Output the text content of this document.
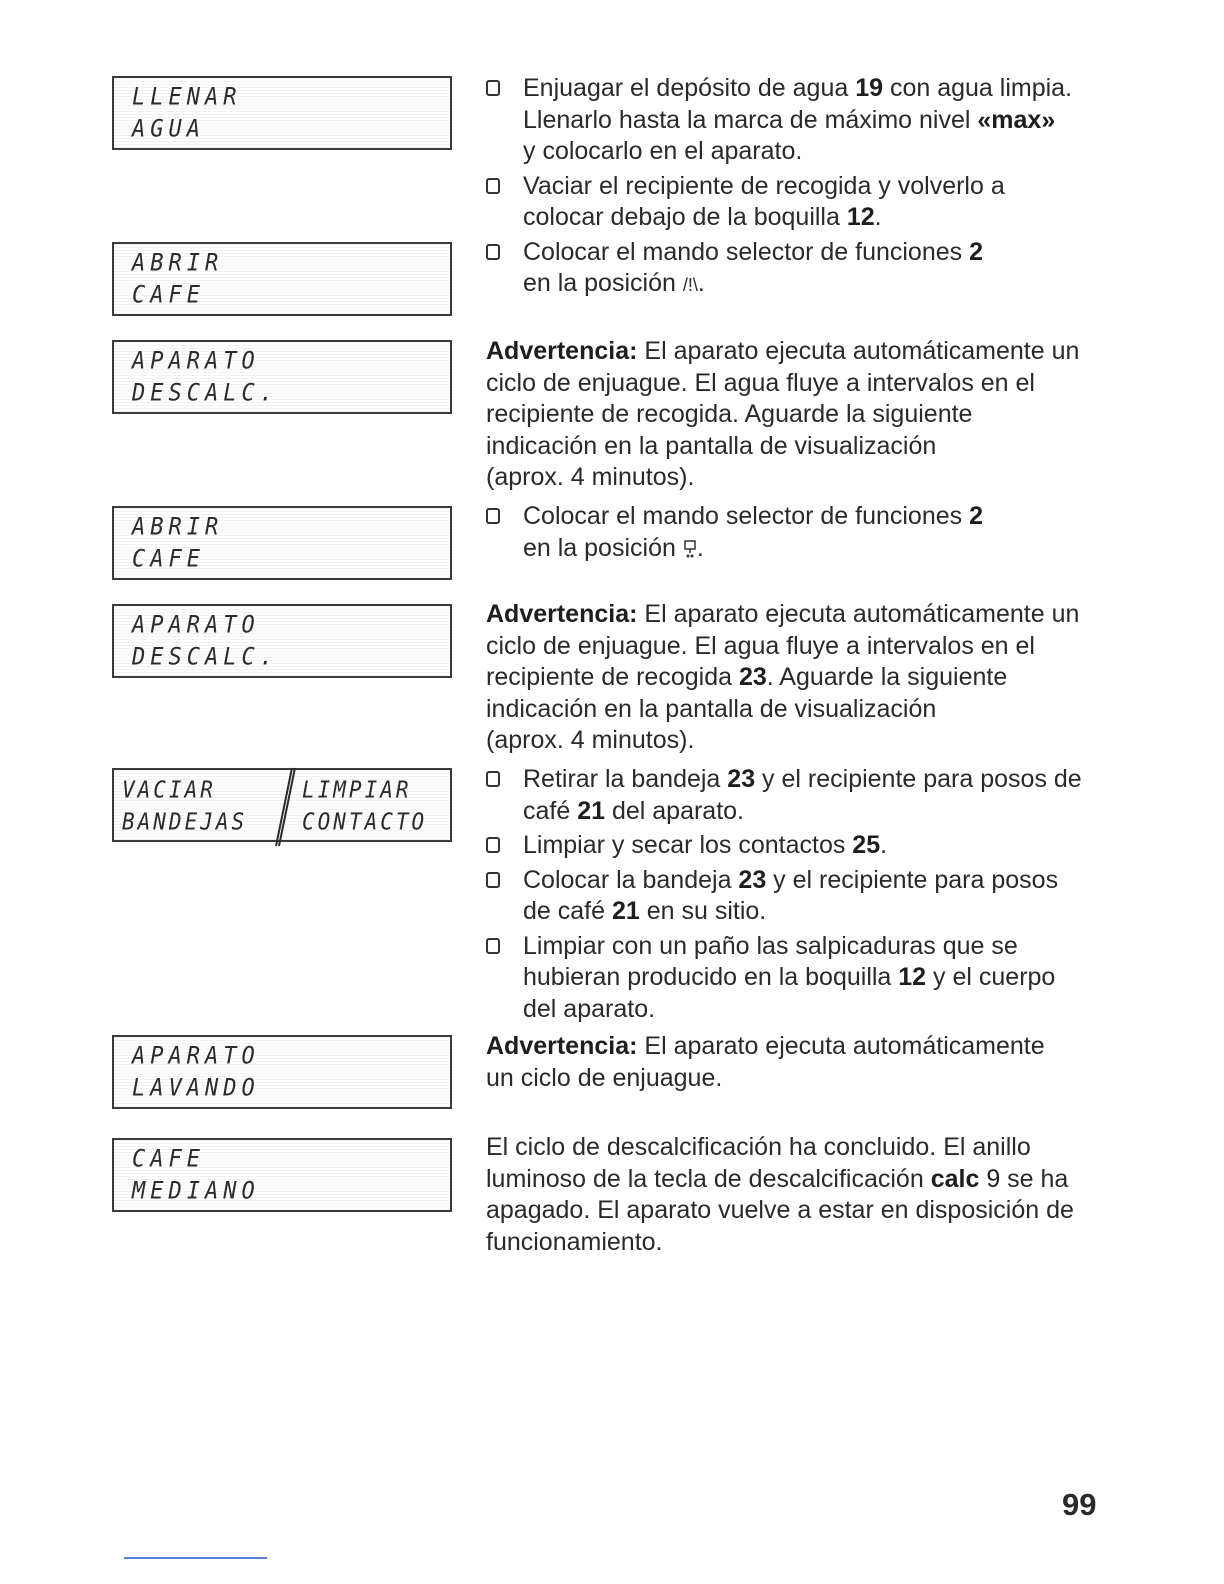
LLENAR
AGUA
ABRIR
CAFE
APARATO
DESCALC.
ABRIR
CAFE
APARATO
DESCALC.
VACIAR
BANDEJAS
LIMPIAR
CONTACTO
APARATO
LAVANDO
CAFE
MEDIANO
Enjuagar el depósito de agua 19 con agua limpia.
Llenarlo hasta la marca de máximo nivel «max»
y colocarlo en el aparato.
Vaciar el recipiente de recogida y volverlo a
colocar debajo de la boquilla 12.
Colocar el mando selector de funciones 2
en la posición /!\.
Advertencia: El aparato ejecuta automáticamente un
ciclo de enjuague. El agua fluye a intervalos en el
recipiente de recogida. Aguarde la siguiente
indicación en la pantalla de visualización
(aprox. 4 minutos).
Colocar el mando selector de funciones 2
en la posición .
Advertencia: El aparato ejecuta automáticamente un
ciclo de enjuague. El agua fluye a intervalos en el
recipiente de recogida 23. Aguarde la siguiente
indicación en la pantalla de visualización
(aprox. 4 minutos).
Retirar la bandeja 23 y el recipiente para posos de
café 21 del aparato.
Limpiar y secar los contactos 25.
Colocar la bandeja 23 y el recipiente para posos
de café 21 en su sitio.
Limpiar con un paño las salpicaduras que se
hubieran producido en la boquilla 12 y el cuerpo
del aparato.
Advertencia: El aparato ejecuta automáticamente
un ciclo de enjuague.
El ciclo de descalcificación ha concluido. El anillo
luminoso de la tecla de descalcificación calc 9 se ha
apagado. El aparato vuelve a estar en disposición de
funcionamiento.
99
